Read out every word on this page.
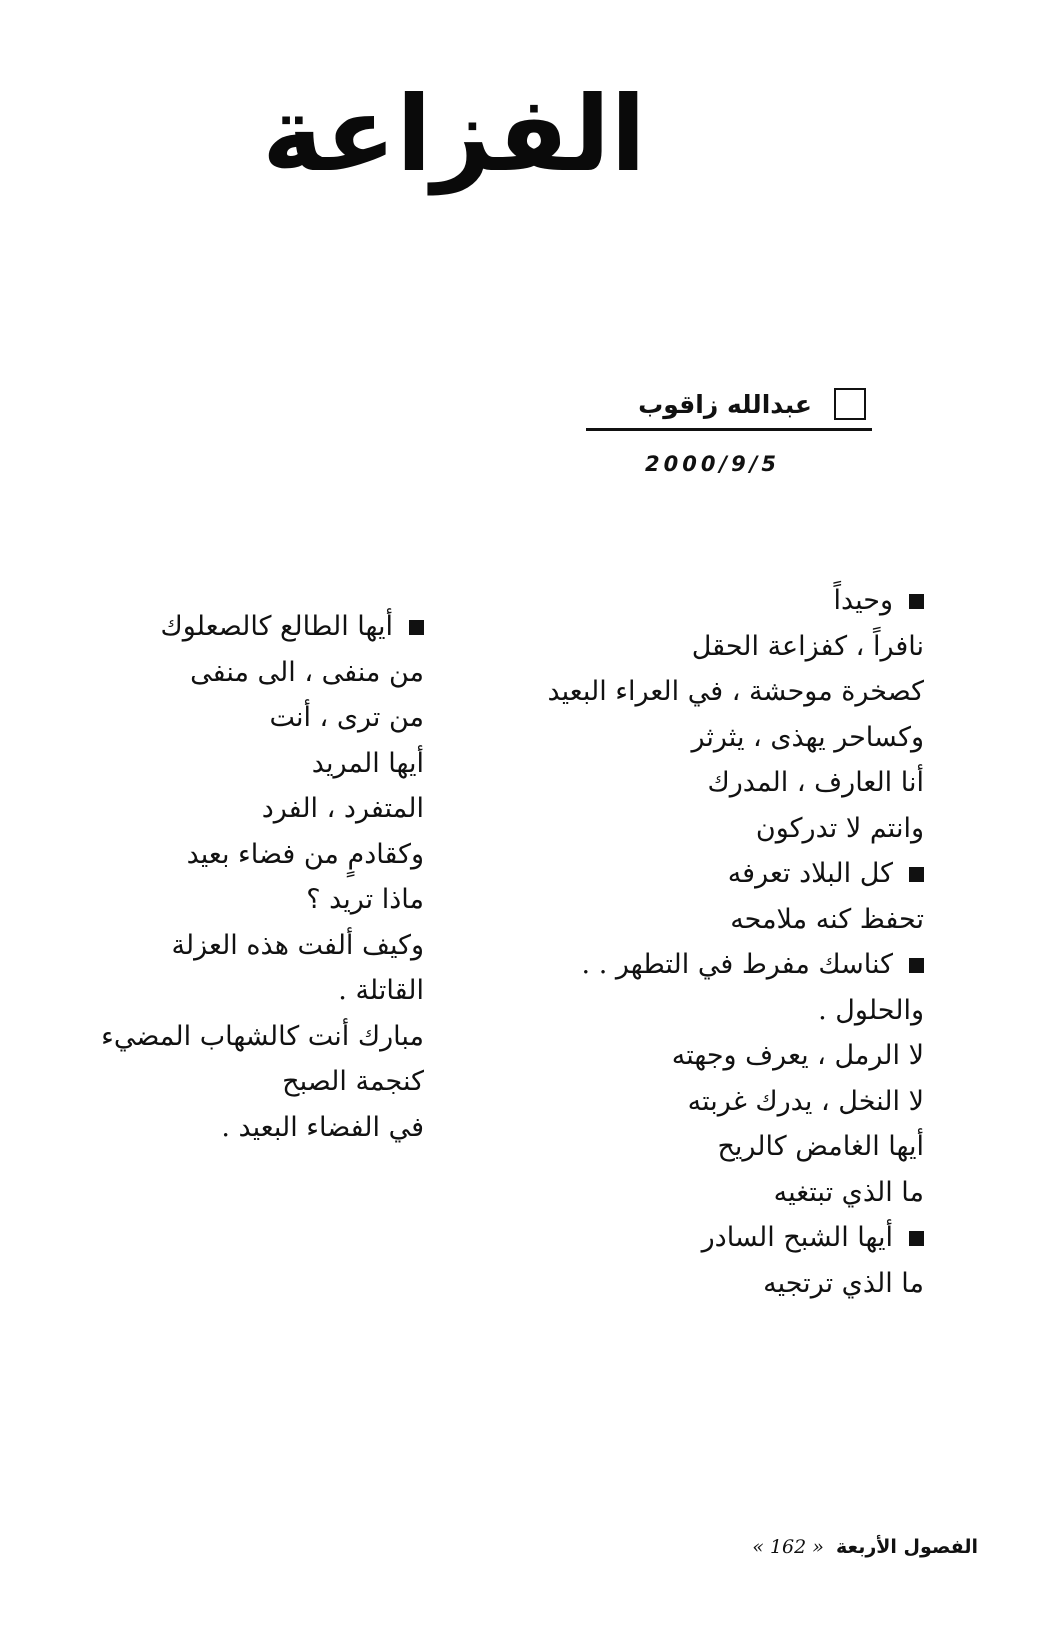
الفزاعة
عبدالله زاقوب
2000/9/5
وحيداً
نافراً ، كفزاعة الحقل
كصخرة موحشة ، في العراء البعيد
وكساحر يهذى ، يثرثر
أنا العارف ، المدرك
وانتم لا تدركون
كل البلاد تعرفه
تحفظ كنه ملامحه
كناسك مفرط في التطهر . .
والحلول .
لا الرمل ، يعرف وجهته
لا النخل ، يدرك غربته
أيها الغامض كالريح
ما الذي تبتغيه
أيها الشبح السادر
ما الذي ترتجيه
أيها الطالع كالصعلوك
من منفى ، الى منفى
من ترى ، أنت
أيها المريد
المتفرد ، الفرد
وكقادمٍ من فضاء بعيد
ماذا تريد ؟
وكيف ألفت هذه العزلة
القاتلة .
مبارك أنت كالشهاب المضيء
كنجمة الصبح
في الفضاء البعيد .
الفصول الأربعة « 162 »
